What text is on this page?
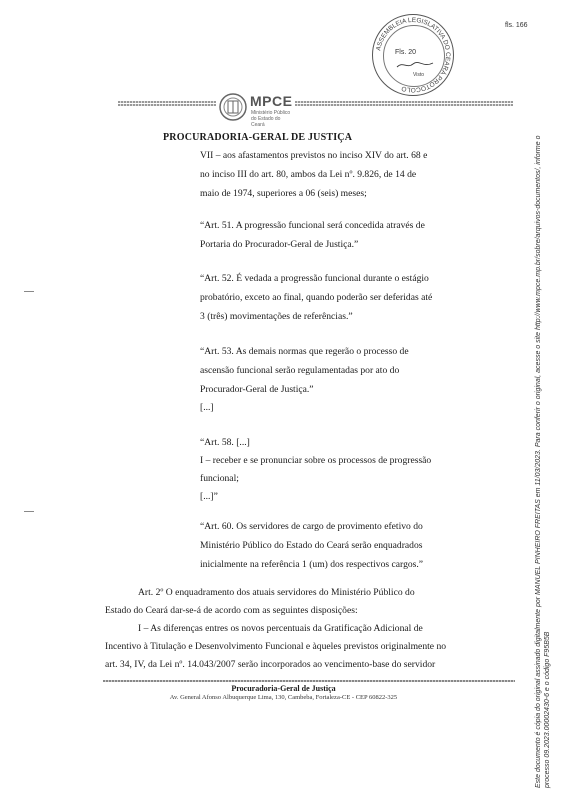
fls. 166
ASSEMBLEIA LEGISLATIVA DO CEARÁ PROTOCOLO
Fls. 20
Visto
MPCE
Ministério Público do Estado do Ceará
PROCURADORIA-GERAL DE JUSTIÇA
VII – aos afastamentos previstos no inciso XIV do art. 68 e
no inciso III do art. 80, ambos da Lei nº. 9.826, de 14 de
maio de 1974, superiores a 06 (seis) meses;
“Art. 51. A progressão funcional será concedida através de
Portaria do Procurador-Geral de Justiça.”
“Art. 52. É vedada a progressão funcional durante o estágio
probatório, exceto ao final, quando poderão ser deferidas até
3 (três) movimentações de referências.”
“Art. 53. As demais normas que regerão o processo de
ascensão funcional serão regulamentadas por ato do
Procurador-Geral de Justiça.”
[...]
“Art. 58. [...]
I – receber e se pronunciar sobre os processos de progressão
funcional;
[...]”
“Art. 60. Os servidores de cargo de provimento efetivo do
Ministério Público do Estado do Ceará serão enquadrados
inicialmente na referência 1 (um) dos respectivos cargos.”
Art. 2º O enquadramento dos atuais servidores do Ministério Público do
Estado do Ceará dar-se-á de acordo com as seguintes disposições:
I – As diferenças entres os novos percentuais da Gratificação Adicional de
Incentivo à Titulação e Desenvolvimento Funcional e àqueles previstos originalmente no
art. 34, IV, da Lei nº. 14.043/2007 serão incorporados ao vencimento-base do servidor
Procuradoria-Geral de Justiça
Av. General Afonso Albuquerque Lima, 130, Cambeba, Fortaleza-CE - CEP 60822-325	Este documento é cópia do original assinado digitalmente por MANUEL PINHEIRO FREITAS em 11/03/2023. Para conferir o original, acesse o site http://www.mpce.mp.br/sobre/arquivos-documentos/, informe o processo 09.2023.00002430-6 e o código F95B5B
